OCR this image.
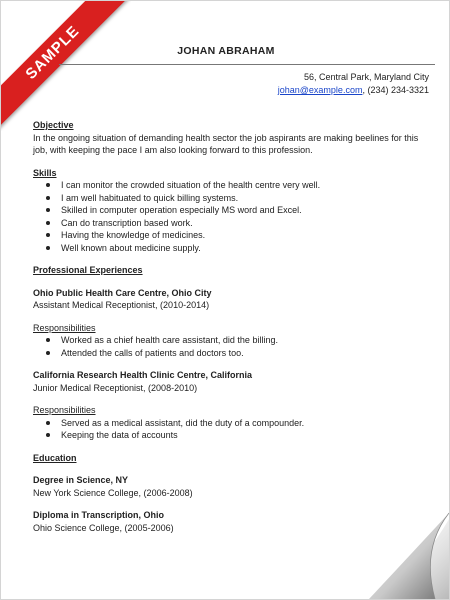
SAMPLE	JOHAN ABRAHAM
56, Central Park, Maryland City
johan@example.com, (234) 234-3321

Objective

In the ongoing situation of demanding health sector the job aspirants are making beelines for this job, with keeping the pace I am also looking forward to this profession.

Skills

I can monitor the crowded situation of the health centre very well.
I am well habituated to quick billing systems.
Skilled in computer operation especially MS word and Excel.
Can do transcription based work.
Having the knowledge of medicines.
Well known about medicine supply.

Professional Experiences

Ohio Public Health Care Centre, Ohio City

Assistant Medical Receptionist, (2010-2014)

Responsibilities

Worked as a chief health care assistant, did the billing.
Attended the calls of patients and doctors too.

California Research Health Clinic Centre, California

Junior Medical Receptionist, (2008-2010)

Responsibilities

Served as a medical assistant, did the duty of a compounder.
Keeping the data of accounts

Education

Degree in Science, NY

New York Science College, (2006-2008)

Diploma in Transcription, Ohio

Ohio Science College, (2005-2006)
